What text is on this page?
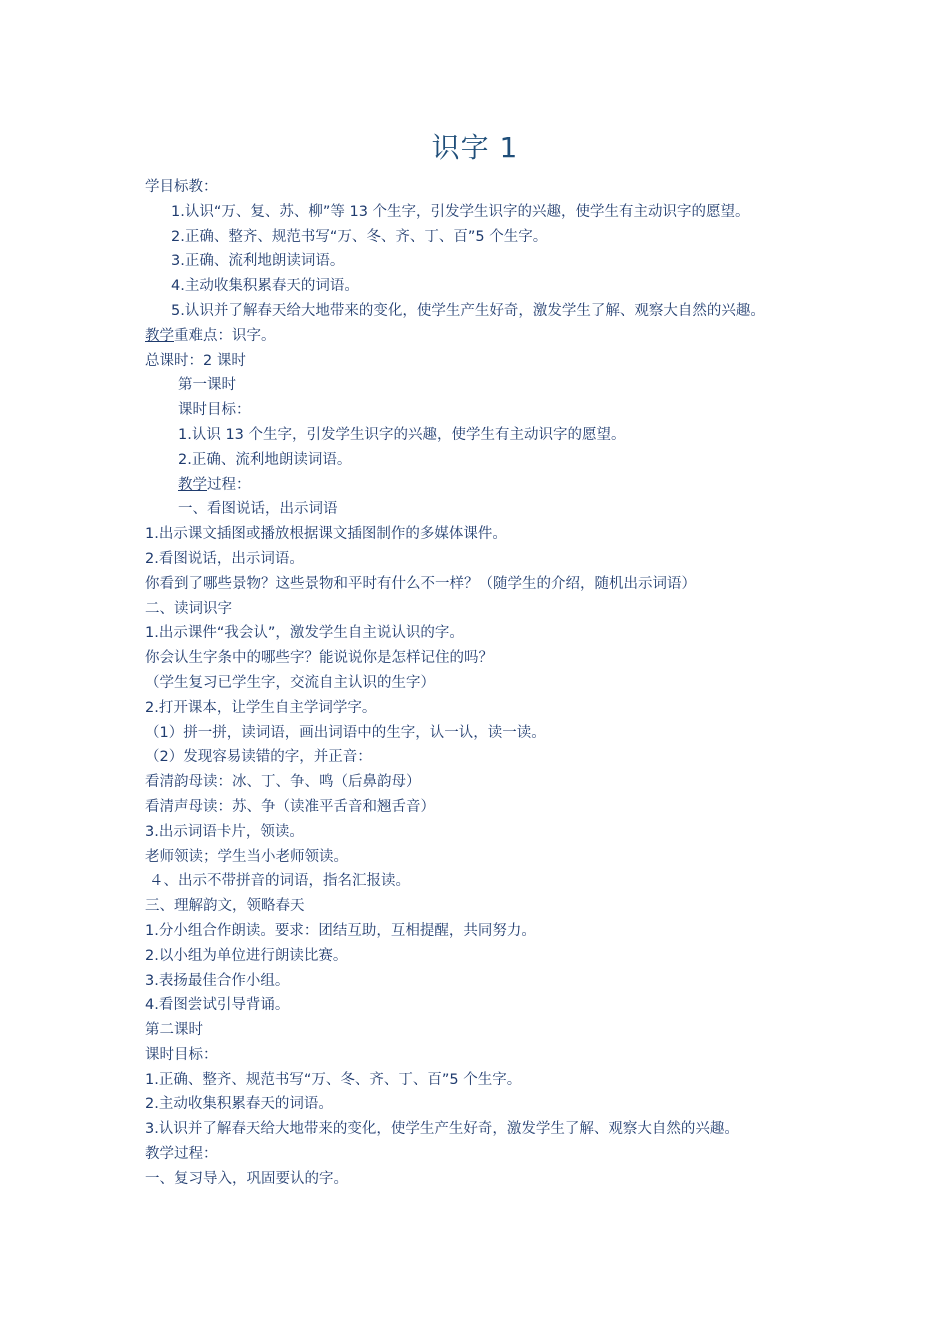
识字 1
学目标教：
1.认识“万、复、苏、柳”等 13 个生字，引发学生识字的兴趣，使学生有主动识字的愿望。
2.正确、整齐、规范书写“万、冬、齐、丁、百”5 个生字。
3.正确、流利地朗读词语。
4.主动收集积累春天的词语。
5.认识并了解春天给大地带来的变化，使学生产生好奇，激发学生了解、观察大自然的兴趣。
教学重难点：识字。
总课时：2 课时
第一课时
课时目标：
1.认识 13 个生字，引发学生识字的兴趣，使学生有主动识字的愿望。
2.正确、流利地朗读词语。
教学过程：
一、看图说话，出示词语
1.出示课文插图或播放根据课文插图制作的多媒体课件。
2.看图说话，出示词语。
你看到了哪些景物？这些景物和平时有什么不一样？（随学生的介绍，随机出示词语）
二、读词识字
1.出示课件“我会认”，激发学生自主说认识的字。
你会认生字条中的哪些字？能说说你是怎样记住的吗？
（学生复习已学生字，交流自主认识的生字）
2.打开课本，让学生自主学词学字。
（1）拼一拼，读词语，画出词语中的生字，认一认，读一读。
（2）发现容易读错的字，并正音：
看清韵母读：冰、丁、争、鸣（后鼻韵母）
看清声母读：苏、争（读准平舌音和翘舌音）
3.出示词语卡片，领读。
老师领读；学生当小老师领读。
４、出示不带拼音的词语，指名汇报读。
三、理解韵文，领略春天
1.分小组合作朗读。要求：团结互助，互相提醒，共同努力。
2.以小组为单位进行朗读比赛。
3.表扬最佳合作小组。
4.看图尝试引导背诵。
第二课时
课时目标：
1.正确、整齐、规范书写“万、冬、齐、丁、百”5 个生字。
2.主动收集积累春天的词语。
3.认识并了解春天给大地带来的变化，使学生产生好奇，激发学生了解、观察大自然的兴趣。
教学过程：
一、复习导入，巩固要认的字。
